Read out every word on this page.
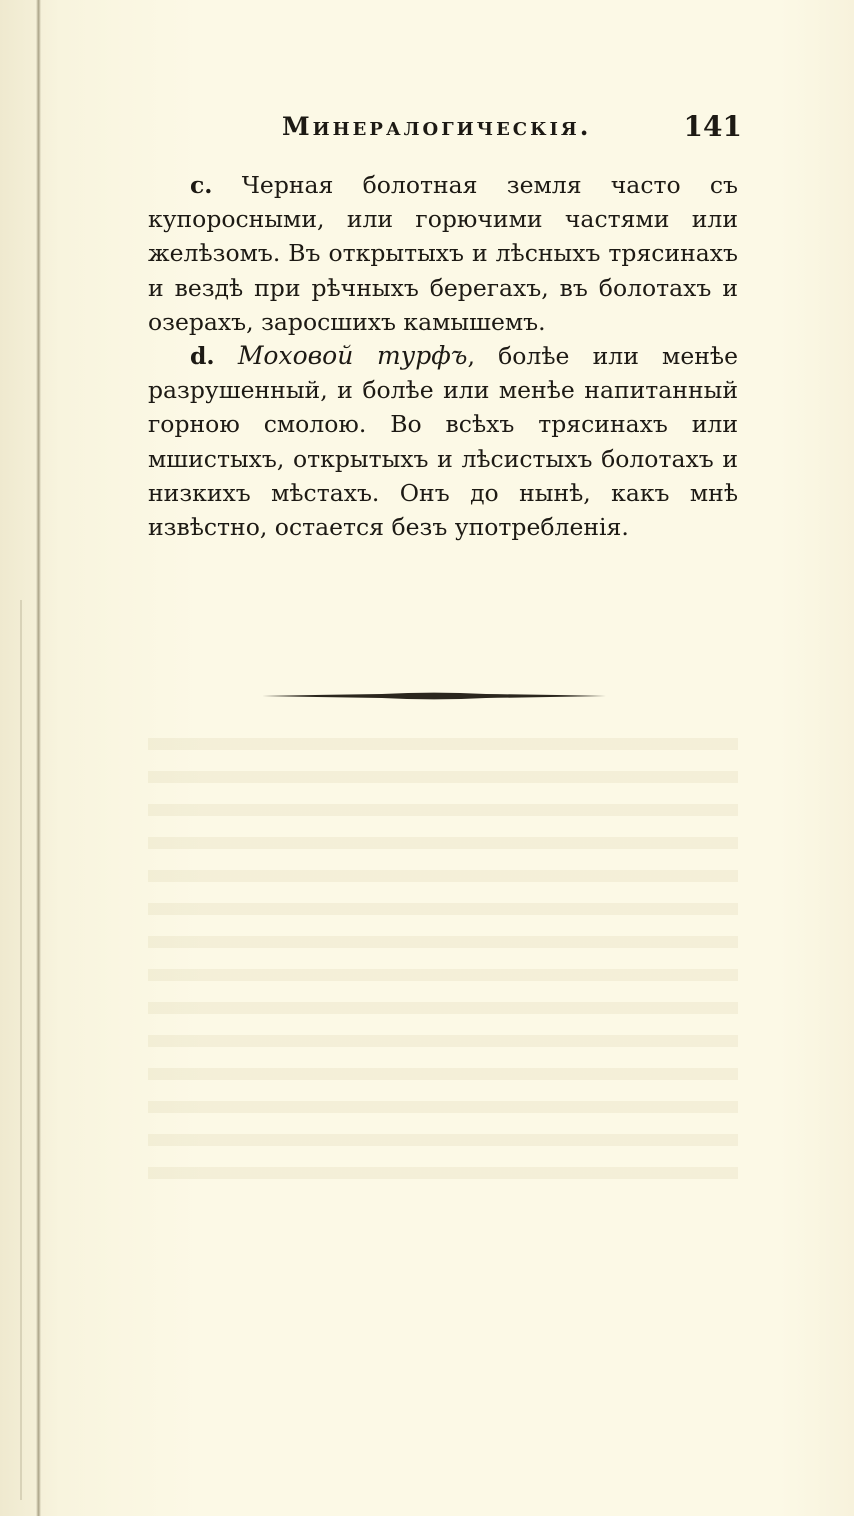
Минералогическія.	141

c. Черная болотная земля часто съ купоросными, или горючими частями или желѣзомъ. Въ открытыхъ и лѣсныхъ трясинахъ и вездѣ при рѣчныхъ берегахъ, въ болотахъ и озерахъ, заросшихъ камышемъ.

d. Моховой турфъ, болѣе или менѣе разрушенный, и болѣе или менѣе напитанный горною смолою. Во всѣхъ трясинахъ или мшистыхъ, открытыхъ и лѣсистыхъ болотахъ и низкихъ мѣстахъ. Онъ до нынѣ, какъ мнѣ извѣстно, остается безъ употребленія.
